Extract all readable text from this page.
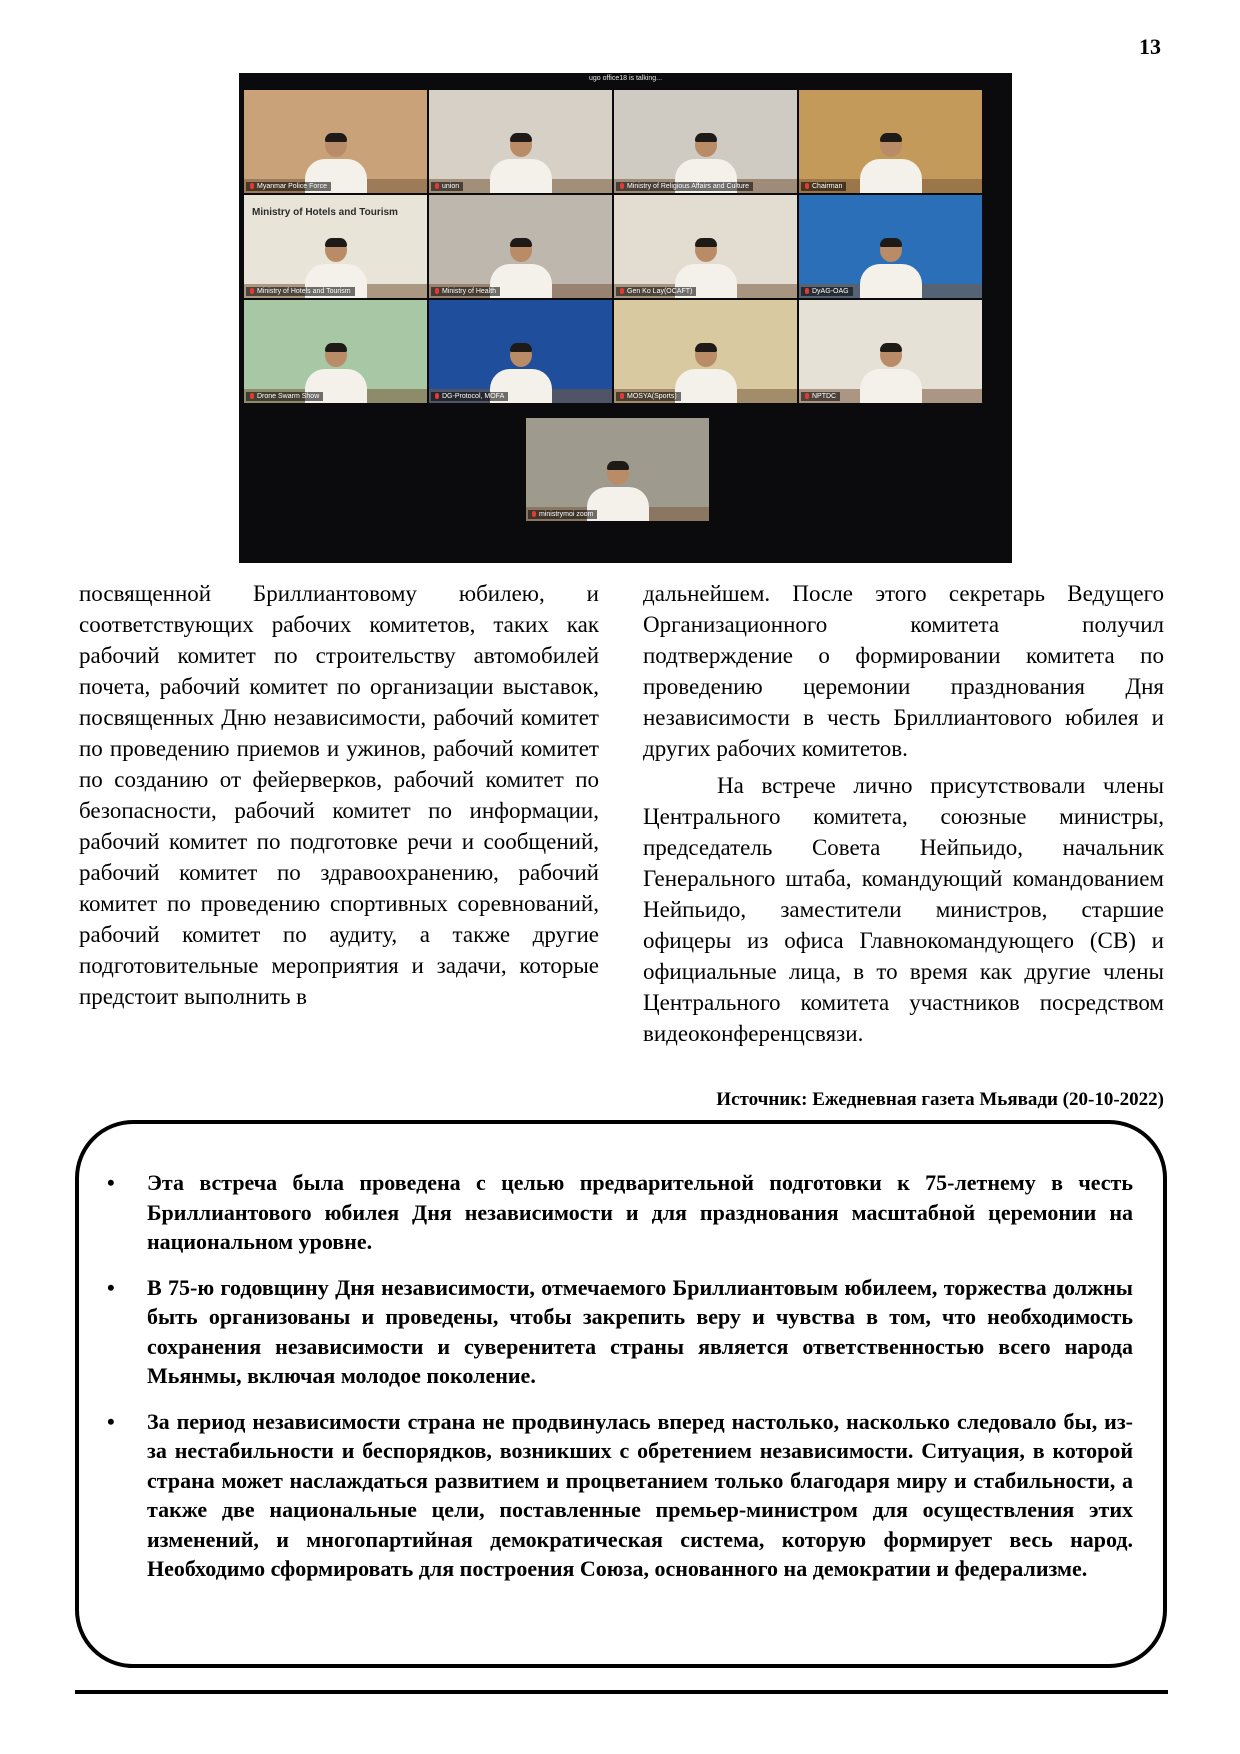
13
ugo office18 is talking...
Myanmar Police Force	union	Ministry of Religious Affairs and Culture	Chairman
Ministry of Hotels and Tourism
Ministry of Hotels and Tourism	Ministry of Health	Gen Ko Lay(OCAFT)	DyAG-OAG
Drone Swarm Show	DG-Protocol, MOFA	MOSYA(Sports)	NPTDC
ministrymoi zoom

посвященной Бриллиантовому юбилею, и соответствующих рабочих комитетов, таких как рабочий комитет по строительству автомобилей почета, рабочий комитет по организации выставок, посвященных Дню независимости, рабочий комитет по проведению приемов и ужинов, рабочий комитет по созданию от фейерверков, рабочий комитет по безопасности, рабочий комитет по информации, рабочий комитет по подготовке речи и сообщений, рабочий комитет по здравоохранению, рабочий комитет по проведению спортивных соревнований, рабочий комитет по аудиту, а также другие подготовительные мероприятия и задачи, которые предстоит выполнить в

дальнейшем. После этого секретарь Ведущего Организационного комитета получил подтверждение о формировании комитета по проведению церемонии празднования Дня независимости в честь Бриллиантового юбилея и других рабочих комитетов.

На встрече лично присутствовали члены Центрального комитета, союзные министры, председатель Совета Нейпьидо, начальник Генерального штаба, командующий командованием Нейпьидо, заместители министров, старшие офицеры из офиса Главнокомандующего (СВ) и официальные лица, в то время как другие члены Центрального комитета участников посредством видеоконференцсвязи.

Источник: Ежедневная газета Мьявади (20-10-2022)
• Эта встреча была проведена с целью предварительной подготовки к 75-летнему в честь Бриллиантового юбилея Дня независимости и для празднования масштабной церемонии на национальном уровне.
• В 75-ю годовщину Дня независимости, отмечаемого Бриллиантовым юбилеем, торжества должны быть организованы и проведены, чтобы закрепить веру и чувства в том, что необходимость сохранения независимости и суверенитета страны является ответственностью всего народа Мьянмы, включая молодое поколение.
• За период независимости страна не продвинулась вперед настолько, насколько следовало бы, из-за нестабильности и беспорядков, возникших с обретением независимости. Ситуация, в которой страна может наслаждаться развитием и процветанием только благодаря миру и стабильности, а также две национальные цели, поставленные премьер-министром для осуществления этих изменений, и многопартийная демократическая система, которую формирует весь народ. Необходимо сформировать для построения Союза, основанного на демократии и федерализме.
